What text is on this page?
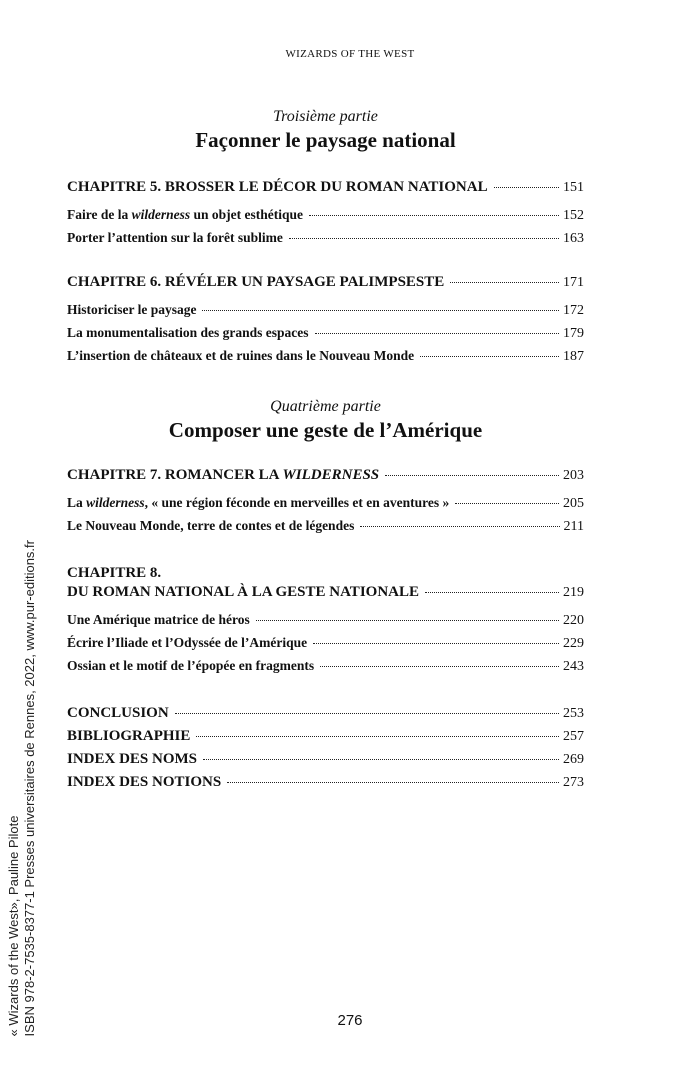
WIZARDS OF THE WEST

Troisième partie

Façonner le paysage national

CHAPITRE 5. BROSSER LE DÉCOR DU ROMAN NATIONAL	151
Faire de la wilderness un objet esthétique	152
Porter l’attention sur la forêt sublime	163
CHAPITRE 6. RÉVÉLER UN PAYSAGE PALIMPSESTE	171
Historiciser le paysage	172
La monumentalisation des grands espaces	179
L’insertion de châteaux et de ruines dans le Nouveau Monde	187

Quatrième partie

Composer une geste de l’Amérique

CHAPITRE 7. ROMANCER LA WILDERNESS	203
La wilderness, « une région féconde en merveilles et en aventures »	205
Le Nouveau Monde, terre de contes et de légendes	211
CHAPITRE 8.
DU ROMAN NATIONAL À LA GESTE NATIONALE	219
Une Amérique matrice de héros	220
Écrire l’Iliade et l’Odyssée de l’Amérique	229
Ossian et le motif de l’épopée en fragments	243
CONCLUSION	253
BIBLIOGRAPHIE	257
INDEX DES NOMS	269
INDEX DES NOTIONS	273
« Wizards of the West», Pauline Pilote ISBN 978-2-7535-8377-1 Presses universitaires de Rennes, 2022, www.pur-editions.fr	276
